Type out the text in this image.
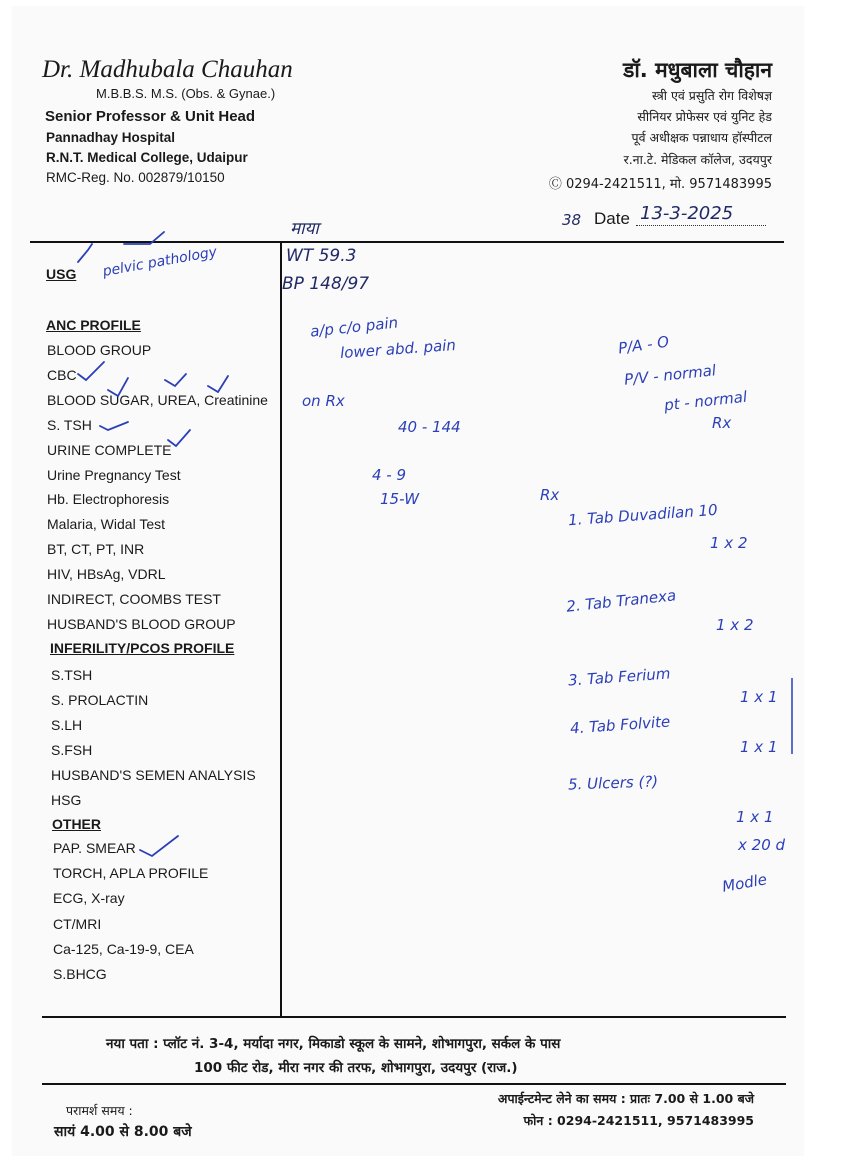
Dr. Madhubala Chauhan
M.B.B.S. M.S. (Obs. & Gynae.)
Senior Professor & Unit Head
Pannadhay Hospital
R.N.T. Medical College, Udaipur
RMC-Reg. No. 002879/10150
डॉ. मधुबाला चौहान
स्त्री एवं प्रसुति रोग विशेषज्ञ
सीनियर प्रोफेसर एवं युनिट हेड
पूर्व अधीक्षक पन्नाधाय हॉस्पीटल
र.ना.टे. मेडिकल कॉलेज, उदयपुर
Ⓒ 0294-2421511, मो. 9571483995
38 Date 13-3-2025
माया
USG pelvic pathology
ANC PROFILE
BLOOD GROUP
CBC
BLOOD SUGAR, UREA, Creatinine
S. TSH
URINE COMPLETE
Urine Pregnancy Test
Hb. Electrophoresis
Malaria, Widal Test
BT, CT, PT, INR
HIV, HBsAg, VDRL
INDIRECT, COOMBS TEST
HUSBAND'S BLOOD GROUP
INFERILITY/PCOS PROFILE
S.TSH
S. PROLACTIN
S.LH
S.FSH
HUSBAND'S SEMEN ANALYSIS
HSG
OTHER
PAP. SMEAR
TORCH, APLA PROFILE
ECG, X-ray
CT/MRI
Ca-125, Ca-19-9, CEA
S.BHCG
WT 59.3
BP 148/97
a/p c/o pain
lower abd. pain
on Rx
40 - 144
4 - 9
15-W
P/A - O
P/V - normal
pt - normal
Rx
Rx
1. Tab Duvadilan 10
1 x 2
2. Tab Tranexa
1 x 2
3. Tab Ferium
1 x 1
4. Tab Folvite
1 x 1
5. Ulcers (?)
1 x 1
x 20 d
Modle
नया पता : प्लॉट नं. 3-4, मर्यादा नगर, मिकाडो स्कूल के सामने, शोभागपुरा, सर्कल के पास
100 फीट रोड, मीरा नगर की तरफ, शोभागपुरा, उदयपुर (राज.)
परामर्श समय :
सायं 4.00 से 8.00 बजे
अपाईन्टमेन्ट लेने का समय : प्रातः 7.00 से 1.00 बजे
फोन : 0294-2421511, 9571483995
